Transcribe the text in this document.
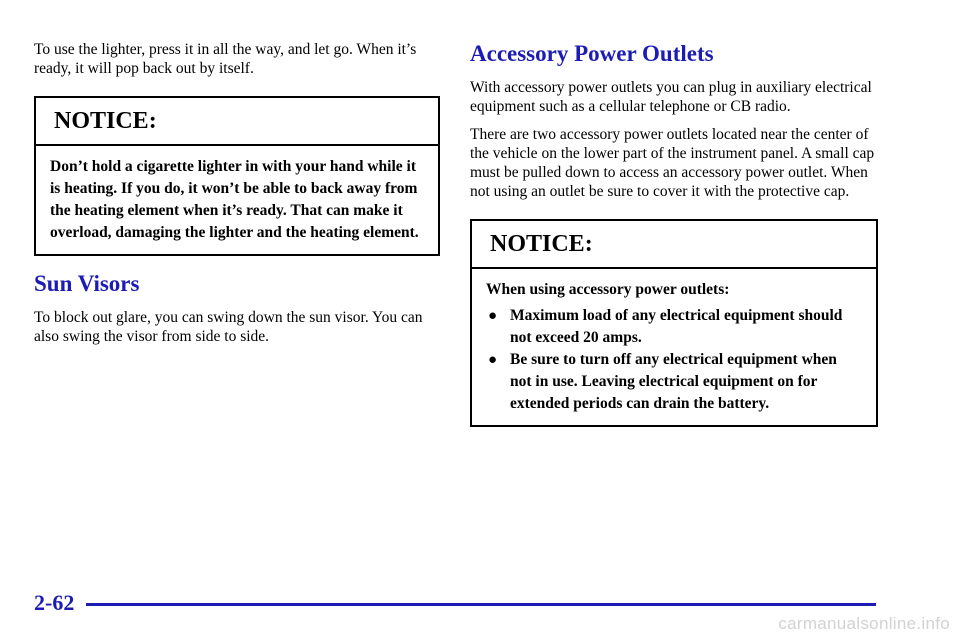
To use the lighter, press it in all the way, and let go. When it’s ready, it will pop back out by itself.

NOTICE:
Don’t hold a cigarette lighter in with your hand while it is heating. If you do, it won’t be able to back away from the heating element when it’s ready. That can make it overload, damaging the lighter and the heating element.
Sun Visors

To block out glare, you can swing down the sun visor. You can also swing the visor from side to side.

Accessory Power Outlets

With accessory power outlets you can plug in auxiliary electrical equipment such as a cellular telephone or CB radio.

There are two accessory power outlets located near the center of the vehicle on the lower part of the instrument panel. A small cap must be pulled down to access an accessory power outlet. When not using an outlet be sure to cover it with the protective cap.

NOTICE:
When using accessory power outlets:
● Maximum load of any electrical equipment should not exceed 20 amps.
● Be sure to turn off any electrical equipment when not in use. Leaving electrical equipment on for extended periods can drain the battery.
2-62
carmanualsonline.info
